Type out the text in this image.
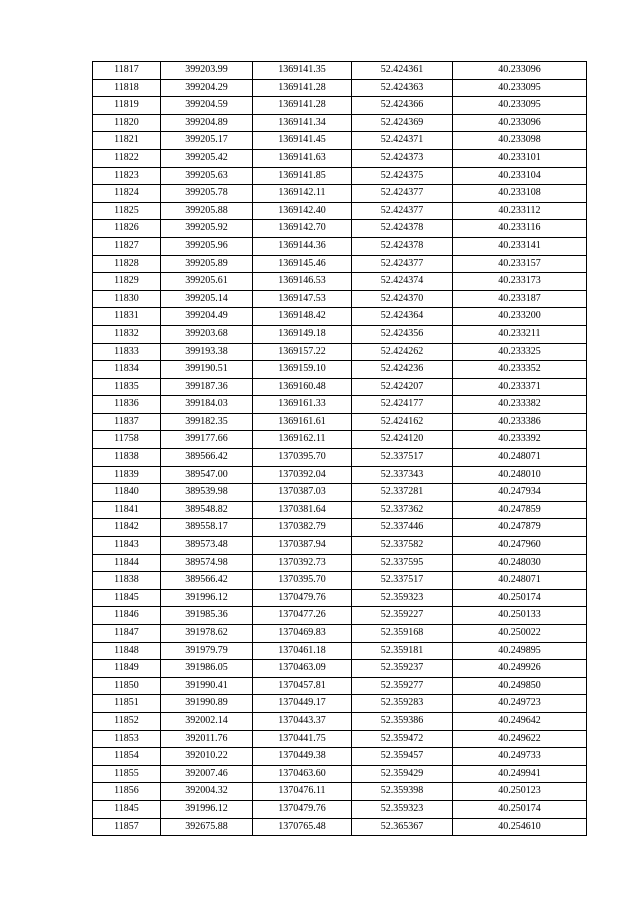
11817	399203.99	1369141.35	52.424361	40.233096
11818	399204.29	1369141.28	52.424363	40.233095
11819	399204.59	1369141.28	52.424366	40.233095
11820	399204.89	1369141.34	52.424369	40.233096
11821	399205.17	1369141.45	52.424371	40.233098
11822	399205.42	1369141.63	52.424373	40.233101
11823	399205.63	1369141.85	52.424375	40.233104
11824	399205.78	1369142.11	52.424377	40.233108
11825	399205.88	1369142.40	52.424377	40.233112
11826	399205.92	1369142.70	52.424378	40.233116
11827	399205.96	1369144.36	52.424378	40.233141
11828	399205.89	1369145.46	52.424377	40.233157
11829	399205.61	1369146.53	52.424374	40.233173
11830	399205.14	1369147.53	52.424370	40.233187
11831	399204.49	1369148.42	52.424364	40.233200
11832	399203.68	1369149.18	52.424356	40.233211
11833	399193.38	1369157.22	52.424262	40.233325
11834	399190.51	1369159.10	52.424236	40.233352
11835	399187.36	1369160.48	52.424207	40.233371
11836	399184.03	1369161.33	52.424177	40.233382
11837	399182.35	1369161.61	52.424162	40.233386
11758	399177.66	1369162.11	52.424120	40.233392
11838	389566.42	1370395.70	52.337517	40.248071
11839	389547.00	1370392.04	52.337343	40.248010
11840	389539.98	1370387.03	52.337281	40.247934
11841	389548.82	1370381.64	52.337362	40.247859
11842	389558.17	1370382.79	52.337446	40.247879
11843	389573.48	1370387.94	52.337582	40.247960
11844	389574.98	1370392.73	52.337595	40.248030
11838	389566.42	1370395.70	52.337517	40.248071
11845	391996.12	1370479.76	52.359323	40.250174
11846	391985.36	1370477.26	52.359227	40.250133
11847	391978.62	1370469.83	52.359168	40.250022
11848	391979.79	1370461.18	52.359181	40.249895
11849	391986.05	1370463.09	52.359237	40.249926
11850	391990.41	1370457.81	52.359277	40.249850
11851	391990.89	1370449.17	52.359283	40.249723
11852	392002.14	1370443.37	52.359386	40.249642
11853	392011.76	1370441.75	52.359472	40.249622
11854	392010.22	1370449.38	52.359457	40.249733
11855	392007.46	1370463.60	52.359429	40.249941
11856	392004.32	1370476.11	52.359398	40.250123
11845	391996.12	1370479.76	52.359323	40.250174
11857	392675.88	1370765.48	52.365367	40.254610
